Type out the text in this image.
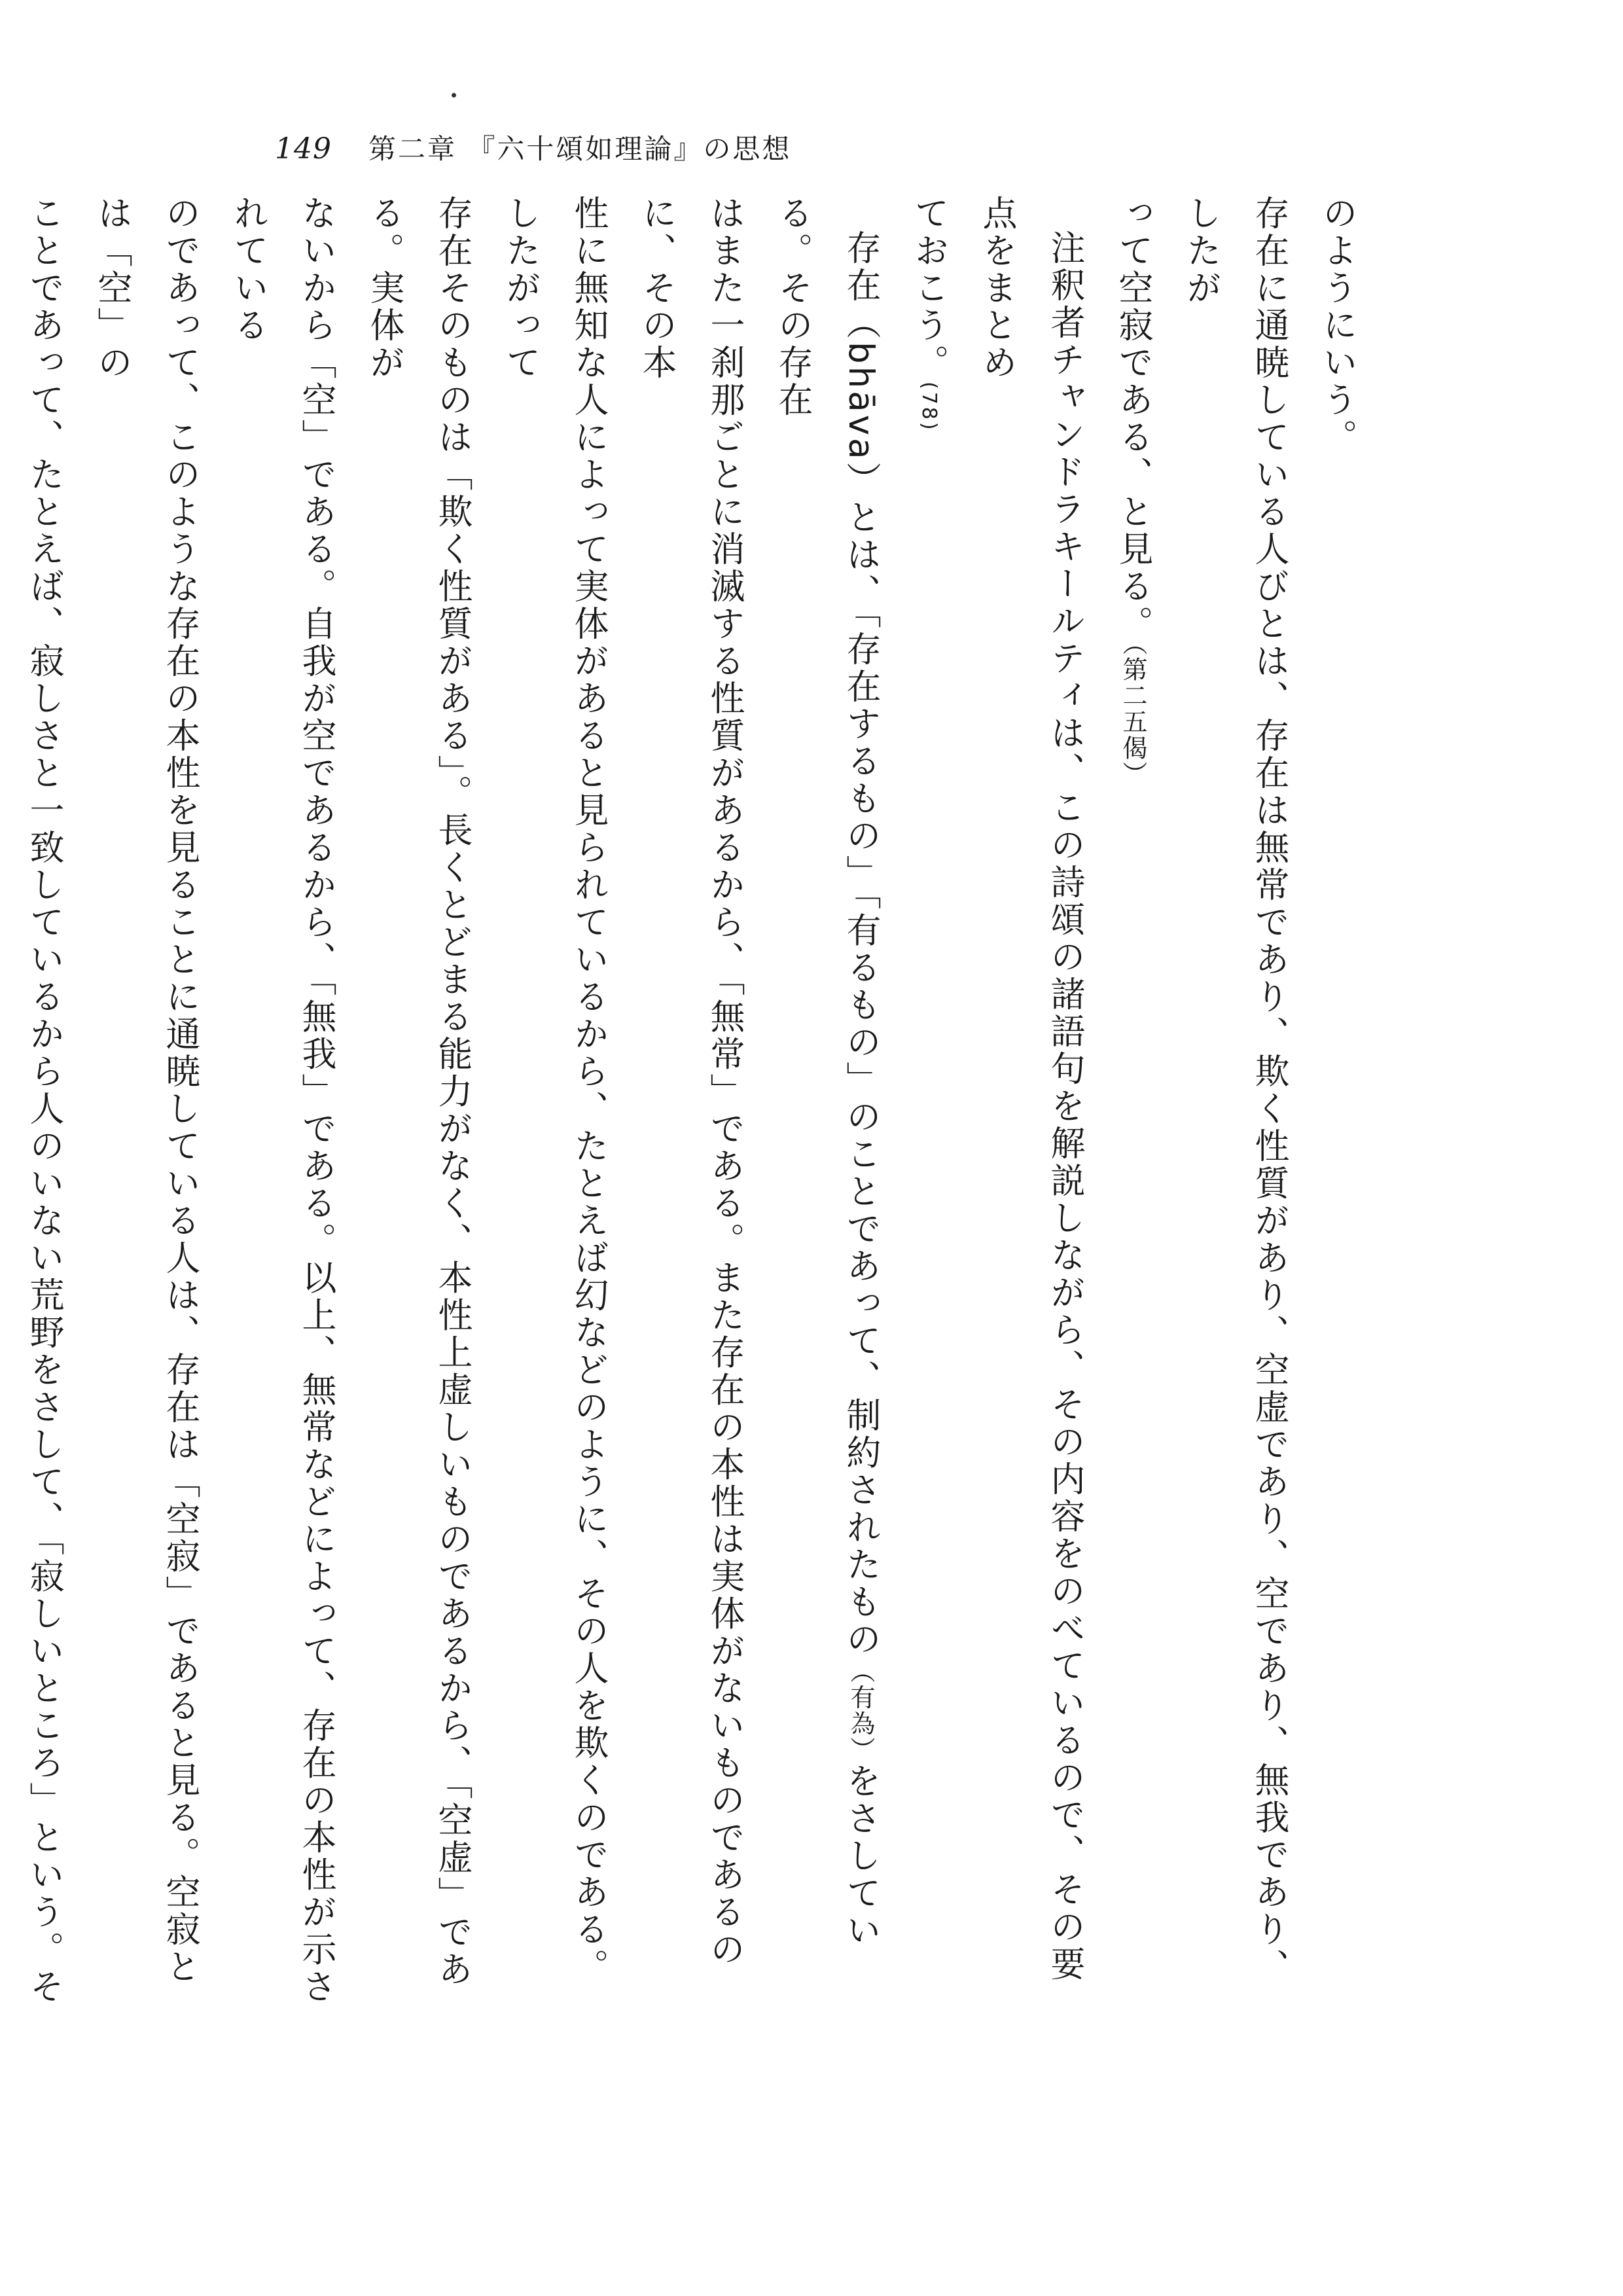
149 第二章 『六十頌如理論』の思想

のようにいう。

存在に通暁している人びとは、存在は無常であり、欺く性質があり、空虚であり、空であり、無我であり、したが

って空寂である、と見る。（第二五偈）

注釈者チャンドラキールティは、この詩頌の諸語句を解説しながら、その内容をのべているので、その要点をまとめ

ておこう。(78)

存在（bhāva）とは、「存在するもの」「有るもの」のことであって、制約されたもの（有為）をさしている。その存在

はまた一刹那ごとに消滅する性質があるから、「無常」である。また存在の本性は実体がないものであるのに、その本

性に無知な人によって実体があると見られているから、たとえば幻などのように、その人を欺くのである。したがって

存在そのものは「欺く性質がある」。長くとどまる能力がなく、本性上虚しいものであるから、「空虚」である。実体が

ないから「空」である。自我が空であるから、「無我」である。以上、無常などによって、存在の本性が示されている

のであって、このような存在の本性を見ることに通暁している人は、存在は「空寂」であると見る。空寂とは「空」の

ことであって、たとえば、寂しさと一致しているから人のいない荒野をさして、「寂しいところ」という。そ
